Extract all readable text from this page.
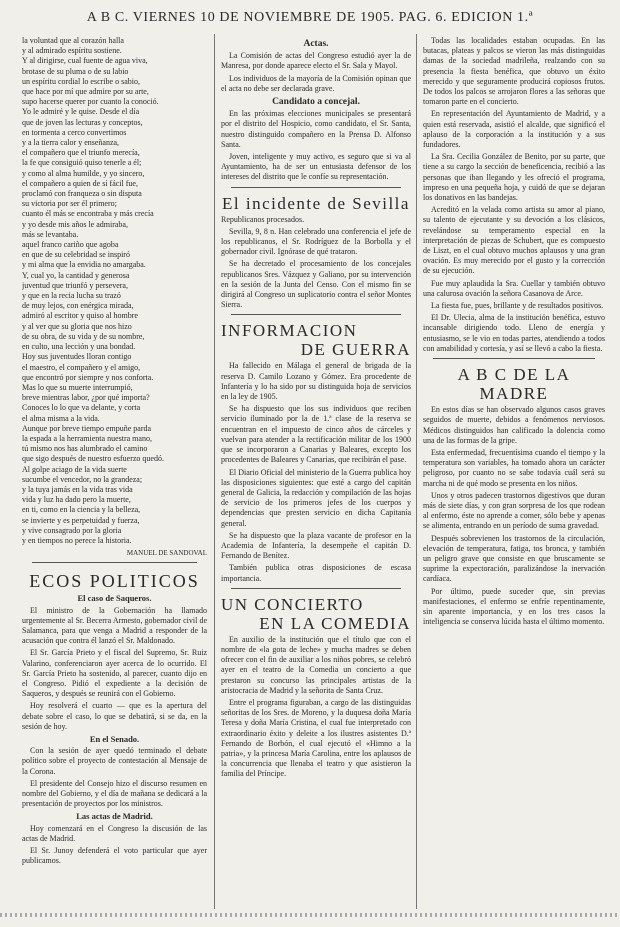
A B C. VIERNES 10 DE NOVIEMBRE DE 1905. PAG. 6. EDICION 1.ª

la voluntad que al corazón halla

y al admirado espíritu sostiene.

Y al dirigirse, cual fuente de agua viva,

brotase de su pluma o de su labio

un espíritu cordial lo escribe o sabio,

que hace por mí que admire por su arte,

supo hacerse querer por cuanto la conoció.

Yo le admiré y le quise. Desde el día

que de joven las lecturas y conceptos,

en tormenta a cerco convertimos

y a la tierra calor y enseñanza,

el compañero que el triunfo merecía,

la fe que consiguió quiso tenerle a él;

y como al alma humilde, y yo sincero,

el compañero a quien de sí fácil fue,

proclamó con franqueza o sin disputa

su victoria por ser él primero;

cuanto él más se encontraba y más crecía

y yo desde mis años le admiraba,

más se levantaba.

aquel franco cariño que agoba

en que de su celebridad se inspiró

y mi alma que la envidia no amargaba.

Y, cual yo, la cantidad y generosa

juventud que triunfó y persevera,

y que en la recia lucha su trazó

de muy lejos, con enérgica mirada,

admiró al escritor y quiso al hombre

y al ver que su gloria que nos hizo

de su obra, de su vida y de su nombre,

en culto, una lección y una bondad.

Hoy sus juventudes lloran contigo

el maestro, el compañero y el amigo,

que encontró por siempre y nos conforta.

Mas lo que su muerte interrumpió,

breve mientras labor, ¿por qué importa?

Conoces lo lo que va delante, y corta

el alma misma a la vida.

Aunque por breve tiempo empuñe parda

la espada a la herramienta nuestra mano,

tú mismo nos has alumbrado el camino

que sigo después de nuestro esfuerzo quedó.

Al golpe aciago de la vida suerte

sucumbe el vencedor, no la grandeza;

y la tuya jamás en la vida tras vida

vida y luz ha dado pero la muerte,

en ti, como en la ciencia y la belleza,

se invierte y es perpetuidad y fuerza,

y vive consagrado por la gloria

y en tiempos no perece la historia.

MANUEL DE SANDOVAL

ECOS POLITICOS
El caso de Saqueros.

El ministro de la Gobernación ha llamado urgentemente al Sr. Becerra Armesto, gobernador civil de Salamanca, para que venga a Madrid a responder de la acusación que contra él lanzó el Sr. Maldonado.

El Sr. García Prieto y el fiscal del Supremo, Sr. Ruiz Valarino, conferenciaron ayer acerca de lo ocurrido. El Sr. García Prieto ha sostenido, al parecer, cuanto dijo en el Congreso. Pidió el expediente a la decisión de Saqueros, y después se reunirá con el Gobierno.

Hoy resolverá el cuarto — que es la apertura del debate sobre el caso, lo que se debatirá, si se da, en la sesión de hoy.

En el Senado.

Con la sesión de ayer quedó terminado el debate político sobre el proyecto de contestación al Mensaje de la Corona.

El presidente del Consejo hizo el discurso resumen en nombre del Gobierno, y el día de mañana se dedicará a la presentación de proyectos por los ministros.

Las actas de Madrid.

Hoy comenzará en el Congreso la discusión de las actas de Madrid.

El Sr. Junoy defenderá el voto particular que ayer publicamos.

Actas.

La Comisión de actas del Congreso estudió ayer la de Manresa, por donde aparece electo el Sr. Sala y Mayol.

Los individuos de la mayoría de la Comisión opinan que el acta no debe ser declarada grave.

Candidato a concejal.

En las próximas elecciones municipales se presentará por el distrito del Hospicio, como candidato, el Sr. Santa, nuestro distinguido compañero en la Prensa D. Alfonso Santa.

Joven, inteligente y muy activo, es seguro que si va al Ayuntamiento, ha de ser un entusiasta defensor de los intereses del distrito que le confíe su representación.

El incidente de Sevilla

Republicanos procesados.

Sevilla, 9, 8 n. Han celebrado una conferencia el jefe de los republicanos, el Sr. Rodríguez de la Borbolla y el gobernador civil. Ignórase de qué trataron.

Se ha decretado el procesamiento de los concejales republicanos Sres. Vázquez y Galiano, por su intervención en la sesión de la Junta del Censo. Con el mismo fin se dirigirá al Congreso un suplicatorio contra el señor Montes Sierra.

INFORMACION
DE GUERRA

Ha fallecido en Málaga el general de brigada de la reserva D. Camilo Lozano y Gómez. Era procedente de Infantería y lo ha sido por su distinguida hoja de servicios en la ley de 1905.

Se ha dispuesto que los sus individuos que reciben servicio iluminado por la de 1.ª clase de la reserva se encuentran en el impuesto de cinco años de cárceles y vuelvan para atender a la rectificación militar de los 1900 que se incorporaron a Canarias y Baleares, excepto los procedentes de Baleares y Canarias, que recibirán el pase.

El Diario Oficial del ministerio de la Guerra publica hoy las disposiciones siguientes: que esté a cargo del capitán general de Galicia, la redacción y compilación de las hojas de servicio de los primeros jefes de los cuerpos y dependencias que presten servicio en dicha Capitanía general.

Se ha dispuesto que la plaza vacante de profesor en la Academia de Infantería, la desempeñe el capitán D. Fernando de Benítez.

También publica otras disposiciones de escasa importancia.

UN CONCIERTO
EN LA COMEDIA

En auxilio de la institución que el título que con el nombre de «la gota de leche» y mucha madres se deben ofrecer con el fin de auxiliar a los niños pobres, se celebró ayer en el teatro de la Comedia un concierto a que prestaron su concurso las principales artistas de la aristocracia de Madrid y la señorita de Santa Cruz.

Entre el programa figuraban, a cargo de las distinguidas señoritas de los Sres. de Moreno, y la duquesa doña María Teresa y doña María Cristina, el cual fue interpretado con extraordinario éxito y deleite a los ilustres asistentes D.ª Fernando de Borbón, el cual ejecutó el «Himno a la patria», y la princesa María Carolina, entre los aplausos de la concurrencia que llenaba el teatro y que asistieron la familia del Príncipe.

Todas las localidades estaban ocupadas. En las butacas, plateas y palcos se vieron las más distinguidas damas de la sociedad madrileña, realzando con su presencia la fiesta benéfica, que obtuvo un éxito merecido y que seguramente producirá copiosos frutos. De todos los palcos se arrojaron flores a las señoras que tomaron parte en el concierto.

En representación del Ayuntamiento de Madrid, y a quien está reservada, asistió el alcalde, que significó el aplauso de la corporación a la institución y a sus fundadores.

La Sra. Cecilia González de Benito, por su parte, que tiene a su cargo la sección de beneficencia, recibió a las personas que iban llegando y les ofreció el programa, impreso en una pequeña hoja, y cuidó de que se dejaran los donativos en las bandejas.

Acreditó en la velada como artista su amor al piano, su talento de ejecutante y su devoción a los clásicos, revelándose su temperamento especial en la interpretación de piezas de Schubert, que es compuesto de Liszt, en el cual obtuvo muchos aplausos y una gran ovación. Es muy merecido por el gusto y la corrección de su ejecución.

Fue muy aplaudida la Sra. Cuellar y también obtuvo una calurosa ovación la señora Casanova de Arce.

La fiesta fue, pues, brillante y de resultados positivos.

El Dr. Ulecia, alma de la institución benéfica, estuvo incansable dirigiendo todo. Lleno de energía y entusiasmo, se le vio en todas partes, atendiendo a todos con amabilidad y cortesía, y así se llevó a cabo la fiesta.

A B C DE LA MADRE

En estos días se han observado algunos casos graves seguidos de muerte, debidos a fenómenos nerviosos. Médicos distinguidos han calificado la dolencia como una de las formas de la gripe.

Esta enfermedad, frecuentísima cuando el tiempo y la temperatura son variables, ha tomado ahora un carácter peligroso, por cuanto no se sabe todavía cuál será su marcha ni de qué modo se presenta en los niños.

Unos y otros padecen trastornos digestivos que duran más de siete días, y con gran sorpresa de los que rodean al enfermo, éste no aprende a comer, sólo bebe y apenas se alimenta, entrando en un período de suma gravedad.

Después sobrevienen los trastornos de la circulación, elevación de temperatura, fatiga, tos bronca, y también un peligro grave que consiste en que bruscamente se suprime la expectoración, paralizándose la inervación cardíaca.

Por último, puede suceder que, sin previas manifestaciones, el enfermo se enfríe repentinamente, sin aparente importancia, y en los tres casos la inteligencia se conserva lúcida hasta el último momento.
